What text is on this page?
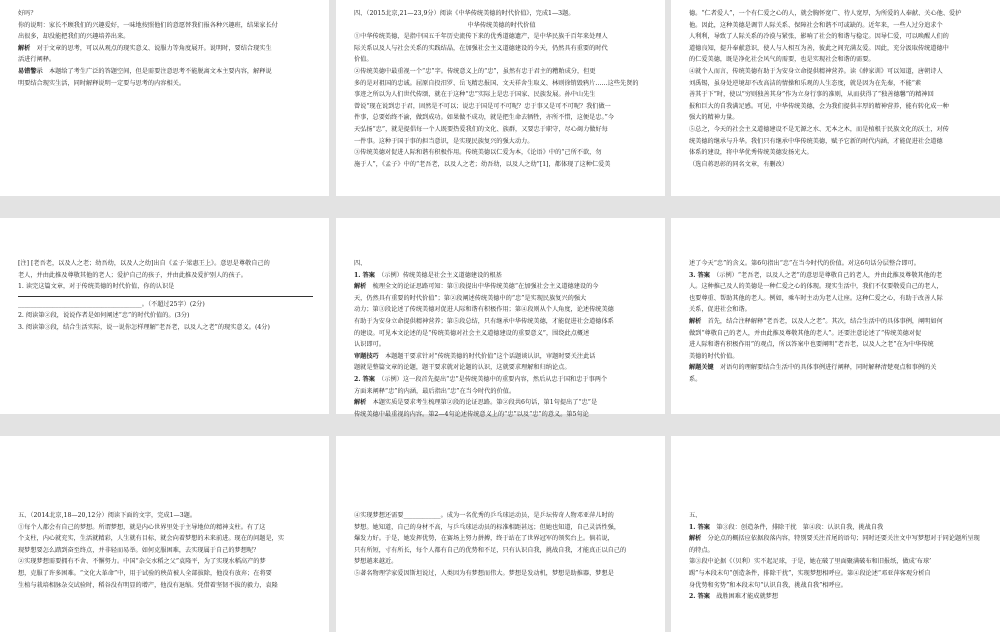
好吗？

你的说明：家长不顾我们的兴趣爱好，一味地按照他们的意愿替我们报各种兴趣班，结果家长付

出很多，却没能把我们的兴趣培养出来。

解析　 对于文章的思考，可以从观点的现实意义、说服力等角度展开。说明时，要结合现实生

活进行阐释。

易错警示　 本题给了考生广泛的答题空间，但是需要注意思考不能脱离文本主要内容，解释说

明要结合现实生活，同时解释说明一定要与思考的内容相关。

四、（2015北京,21—23,9分）阅读《中华传统美德的时代价值》，完成1—3题。

中华传统美德的时代价值

①中华传统美德，是指中国五千年历史流传下来的优秀道德遗产，是中华民族千百年来处理人

际关系以及人与社会关系的实践结晶，在加强社会主义道德建设的今天，仍然具有重要的时代

价值。

②传统美德中最重视一个“忠”字。传统意义上的“忠”，虽然有忠于君主的糟粕成分，但更

多的是对祖国的忠诚。屈原自投汨罗、岳飞精忠报国、文天祥舍生取义、林则徐销毁鸦片……这些先贤的

事迹之所以为人们世代传颂，就在于这种“忠”实际上是忠于国家、民族发展。孙中山先生

曾说“现在说到忠于君，固然是不可以；说忠于国是可不可呢？忠于事又是可不可呢？我们做一

件事，总要始终不渝，做到成功。如果做不成功，就是把生命去牺牲，亦所不惜，这便是忠。”今

天弘扬“忠”，就是提倡每一个人既要热爱我们的文化、族群，又要忠于职守，尽心竭力做好每

一件事。这种于国于事的担当意识，是实现民族复兴的强大动力。

③传统美德对促进人际和谐有积极作用。传统美德以仁爱为本，《论语》中的“己所不欲，勿

施于人”，《孟子》中的“老吾老，以及人之老；幼吾幼，以及人之幼”[1]，都体现了这种仁爱美

德。“仁者爱人”，一个有仁爱之心的人，就会胸怀宽广、待人宽厚，为所爱的人奉献、关心他、爱护

他。因此，这种美德是调节人际关系、保障社会和谐不可或缺的。近年来，一些人过分追求个

人利利，导致了人际关系的冷漠与紧张，影响了社会的和谐与稳定。因导仁爱，可以唤醒人们的

道德良知，提升奉献意识，使人与人相互为善，彼此之间充满友爱。因此，充分汲取传统道德中

的仁爱美德，既是净化社会风气的需要，也是实现社会和谐的需要。

④就个人而言，传统美德有助于为安身立命提供精神营养。读《薛家训》可以知道，唐朝诗人

刘禹锡，虽身处逆境却不改高洁的情操和乐观的人生态度，就是因为在先秦，不能“素

善其于下”时，使以“穷则独善其身”作为立身行事的准则，从而获得了“独善德馨”的精神回

报和巨大的自我满足感。可见，中华传统美德，会为我们提供丰厚的精神营养，能有转化成一种

强大的精神力量。

⑤总之，今天的社会主义道德建设不是无源之水、无本之木，而是植根于民族文化的沃土，对传

统美德的继承与升华。我们只有继承中华传统美德，赋予它新的时代内涵，才能促进社会道德

体系的建设，将中华优秀传统美德发扬光大。

（选自蒋思彰的同名文章，有删改）

[注] [老吾老，以及人之老；幼吾幼，以及人之幼]出自《孟子·梁惠王上》。意思是尊敬自己的

老人，并由此推及尊敬其他的老人；爱护自己的孩子，并由此推及爱护别人的孩子。

1. 读完这篇文章，对于传统美德的时代价值，你的认识是

________________________________________。（不超过25字）(2分)

2. 阅读第②段，说说作者是如何阐述“忠”的时代价值的。(3分)

3. 阅读第③段，结合生活实际，说一说你怎样理解“老吾老，以及人之老”的现实意义。(4分)

四、

1. 答案　 （示例）传统美德是社会主义道德建设的根基

解析　 梳理全文的论证思路可知：第①段提出中华传统美德“在加强社会主义道德建设的今

天，仍然具有重要的时代价值”；第②段阐述传统美德中的“忠”是实现民族复兴的强大

动力；第③段论述了传统美德对促进人际和谐有积极作用；第④段则从个人角度，论述传统美德

有助于为安身立命提供精神营养；第⑤段总结，只有继承中华传统美德，才能促进社会道德体系

的建设。可见本文论述的是“传统美德对社会主义道德建设的重要意义”，围绕此点概述

认识即可。

审题技巧　 本题题干要求针对“传统美德的时代价值”这个话题谈认识，审题时要关注此话

题就是整篇文章的论题，题干要求就对论题的认识，这就要求理解和归纳论点。

2. 答案　 （示例）这一段首先提出“忠”是传统美德中的重要内容，然后从忠于国和忠于事两个

方面来阐释“忠”的内涵，最后指出“忠”在当今时代的价值。

解析　 本题实质是要求考生梳理第②段的论证思路。第②段共6句话，第1句提出了“忠”是

传统美德中最重视的内容。第2—4句论述传统意义上的“忠”以及“忠”的意义。第5句论

述了今天“忠”的含义。第6句指出“忠”在当今时代的价值。对这6句话分层整合即可。

3. 答案　 （示例）“老吾老，以及人之老”的意思是尊敬自己的老人，并由此推及尊敬其他的老

人。这种推己及人的美德是一种仁爱之心的体现。现实生活中，我们不仅要敬爱自己的老人，

也要尊重、帮助其他的老人。例如，乘车时主动为老人让座。这种仁爱之心，有助于改善人际

关系，促进社会和谐。

解析　 首先，结合注释解释“老吾老，以及人之老”。其次，结合生活中的具体事例，阐明如何

做到“尊敬自己的老人，并由此推及尊敬其他的老人”。还要注意论述了“传统美德对促

进人际和谐有积极作用”的观点，所以答案中也要阐明“老吾老，以及人之老”在为中华传统

美德的时代价值。

解题关键　 对语句的理解要结合生活中的具体事例进行阐释，同时解释清楚观点和事例的关

系。

五、（2014北京,18—20,12分）阅读下面的文字，完成1—3题。

①每个人都会有自己的梦想。所谓梦想，就是内心世界里处于主导地位的精神支柱。有了这

个支柱，内心就充实，生活就精彩，人生就有目标，就会向着梦想的未来前进。现在的问题是，实

现梦想要怎么踏到奋至终点，并非轻而易举。如何克服困难，去实现属于自己的梦想呢？

②实现梦想需要拥有不舍、不懈努力。中国“杂交水稻之父”袁隆平，为了实现水稻高产的梦

想，克服了许多困难。“文化大革命”中，用于试验的秧苗被人全部拔除，他没有放弃；在将要

生植与栽培相脉杂交试验时，稻谷没有明显的增产，他没有退缩。凭借着坚韧不拔的毅力，袁隆

④实现梦想还需要____________。成为一名优秀的乒乓球运动员，是乒坛传奇人物邓亚萍儿时的

梦想。她知道，自己的身材不高，与乒乓球运动员的标准相距甚远；但她也知道，自己灵活性强，

爆发力好。于是，她发挥优势，在赛场上努力拼搏，终于站在了世界冠军的领奖台上。倘若说，

只有所短，寸有所长，每个人都有自己的优势和不足，只有认识自我，挑战自我，才能真正以自己的

梦想越来越近。

⑤著名物理学家爱因斯坦说过，人类因为有梦想而伟大。梦想是发动机，梦想是助推器，梦想是

五、

1. 答案　 第③段：创造条件，排除干扰　第④段：认识自我，挑战自我

解析　 分论点的概括应依据段落内容，特别要关注首尾的语句；同时还要关注文中写梦想对于同论题所呈现的特点。

第③段中论据《（贝利）实不起足球，于是，她在破了里面聚满破布和旧报纸，做成‘布球’

踢”与本段末句“创造条件，排除干扰”，实现梦想相呼应。第④段论述“邓亚萍客观分析自

身优势和劣势”和本段末句“认识自我，挑战自我”相呼应。

2. 答案　 战胜困难才能成就梦想
